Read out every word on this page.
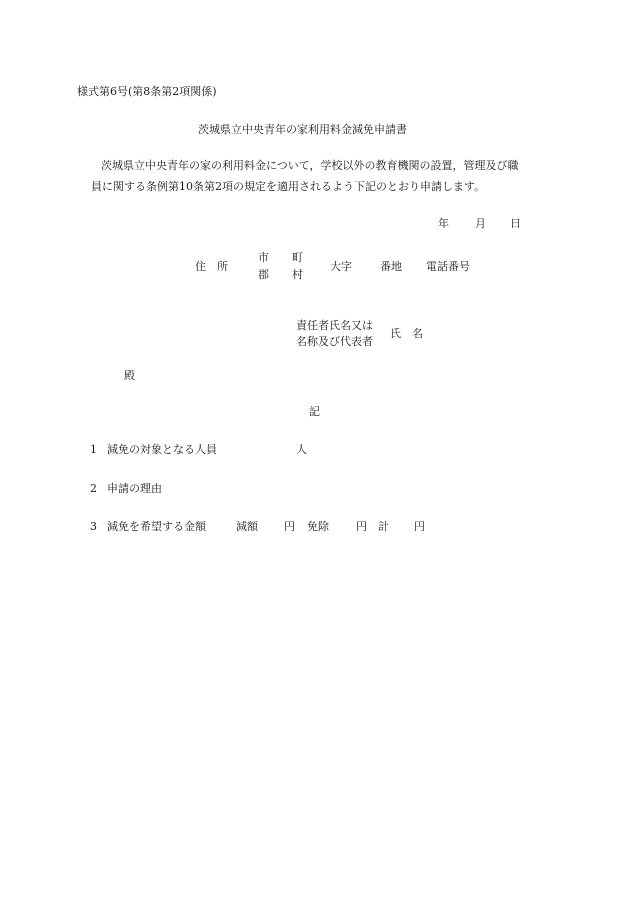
様式第6号(第8条第2項関係)
茨城県立中央青年の家利用料金減免申請書
茨城県立中央青年の家の利用料金について，学校以外の教育機関の設置，管理及び職
員に関する条例第10条第2項の規定を適用されるよう下記のとおり申請します。
年 月 日
住　所
市
郡
町
村
大字	番地 電話番号
責任者氏名又は
名称及び代表者
氏　名
殿
記
1 減免の対象となる人員	人
2 申請の理由
3 減免を希望する金額	減額 円 免除 円 計 円
